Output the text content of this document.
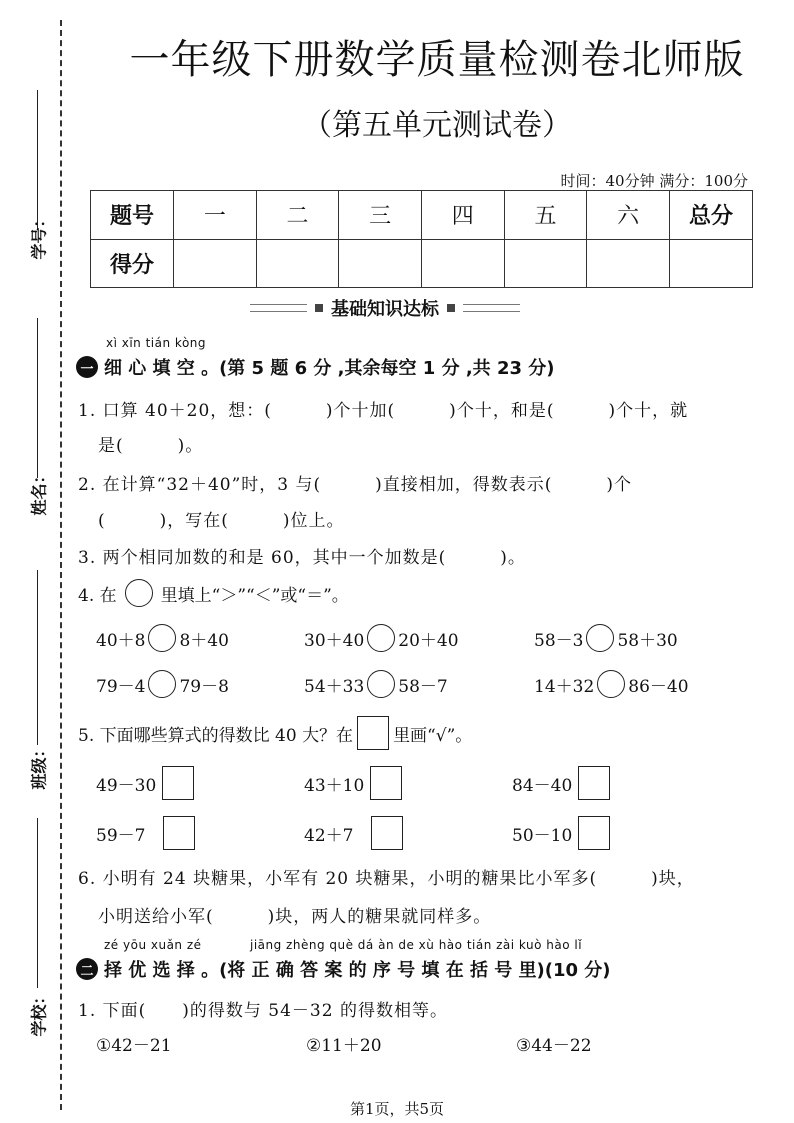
学号：
姓名：
班级：
学校：
一年级下册数学质量检测卷北师版
（第五单元测试卷）
时间：40分钟 满分：100分
题号	一	二	三	四	五	六	总分
得分							
基础知识达标
xì xīn tián kòng
一 细 心 填 空 。(第 5 题 6 分 ,其余每空 1 分 ,共 23 分)
1. 口算 40＋20，想：(　　　)个十加(　　　)个十，和是(　　　)个十，就
是(　　　)。
2. 在计算“32＋40”时，3 与(　　　)直接相加，得数表示(　　　)个
(　　　)，写在(　　　)位上。
3. 两个相同加数的和是 60，其中一个加数是(　　　)。
4. 在	里填上“＞”“＜”或“＝”。
40＋8 8＋40	30＋40 20＋40	58－3 58＋30
79－4 79－8	54＋33 58－7	14＋32 86－40
5. 下面哪些算式的得数比 40 大？在 里画“√”。
49－30	43＋10	84－40
59－7	42＋7	50－10
6. 小明有 24 块糖果，小军有 20 块糖果，小明的糖果比小军多(　　　)块，
小明送给小军(　　　)块，两人的糖果就同样多。
zé yōu xuǎn zé	jiāng zhèng què dá àn de xù hào tián zài kuò hào lǐ
二 择 优 选 择 。(将 正 确 答 案 的 序 号 填 在 括 号 里)(10 分)
1. 下面(　　)的得数与 54－32 的得数相等。
①42－21	②11＋20	③44－22
第1页，共5页
